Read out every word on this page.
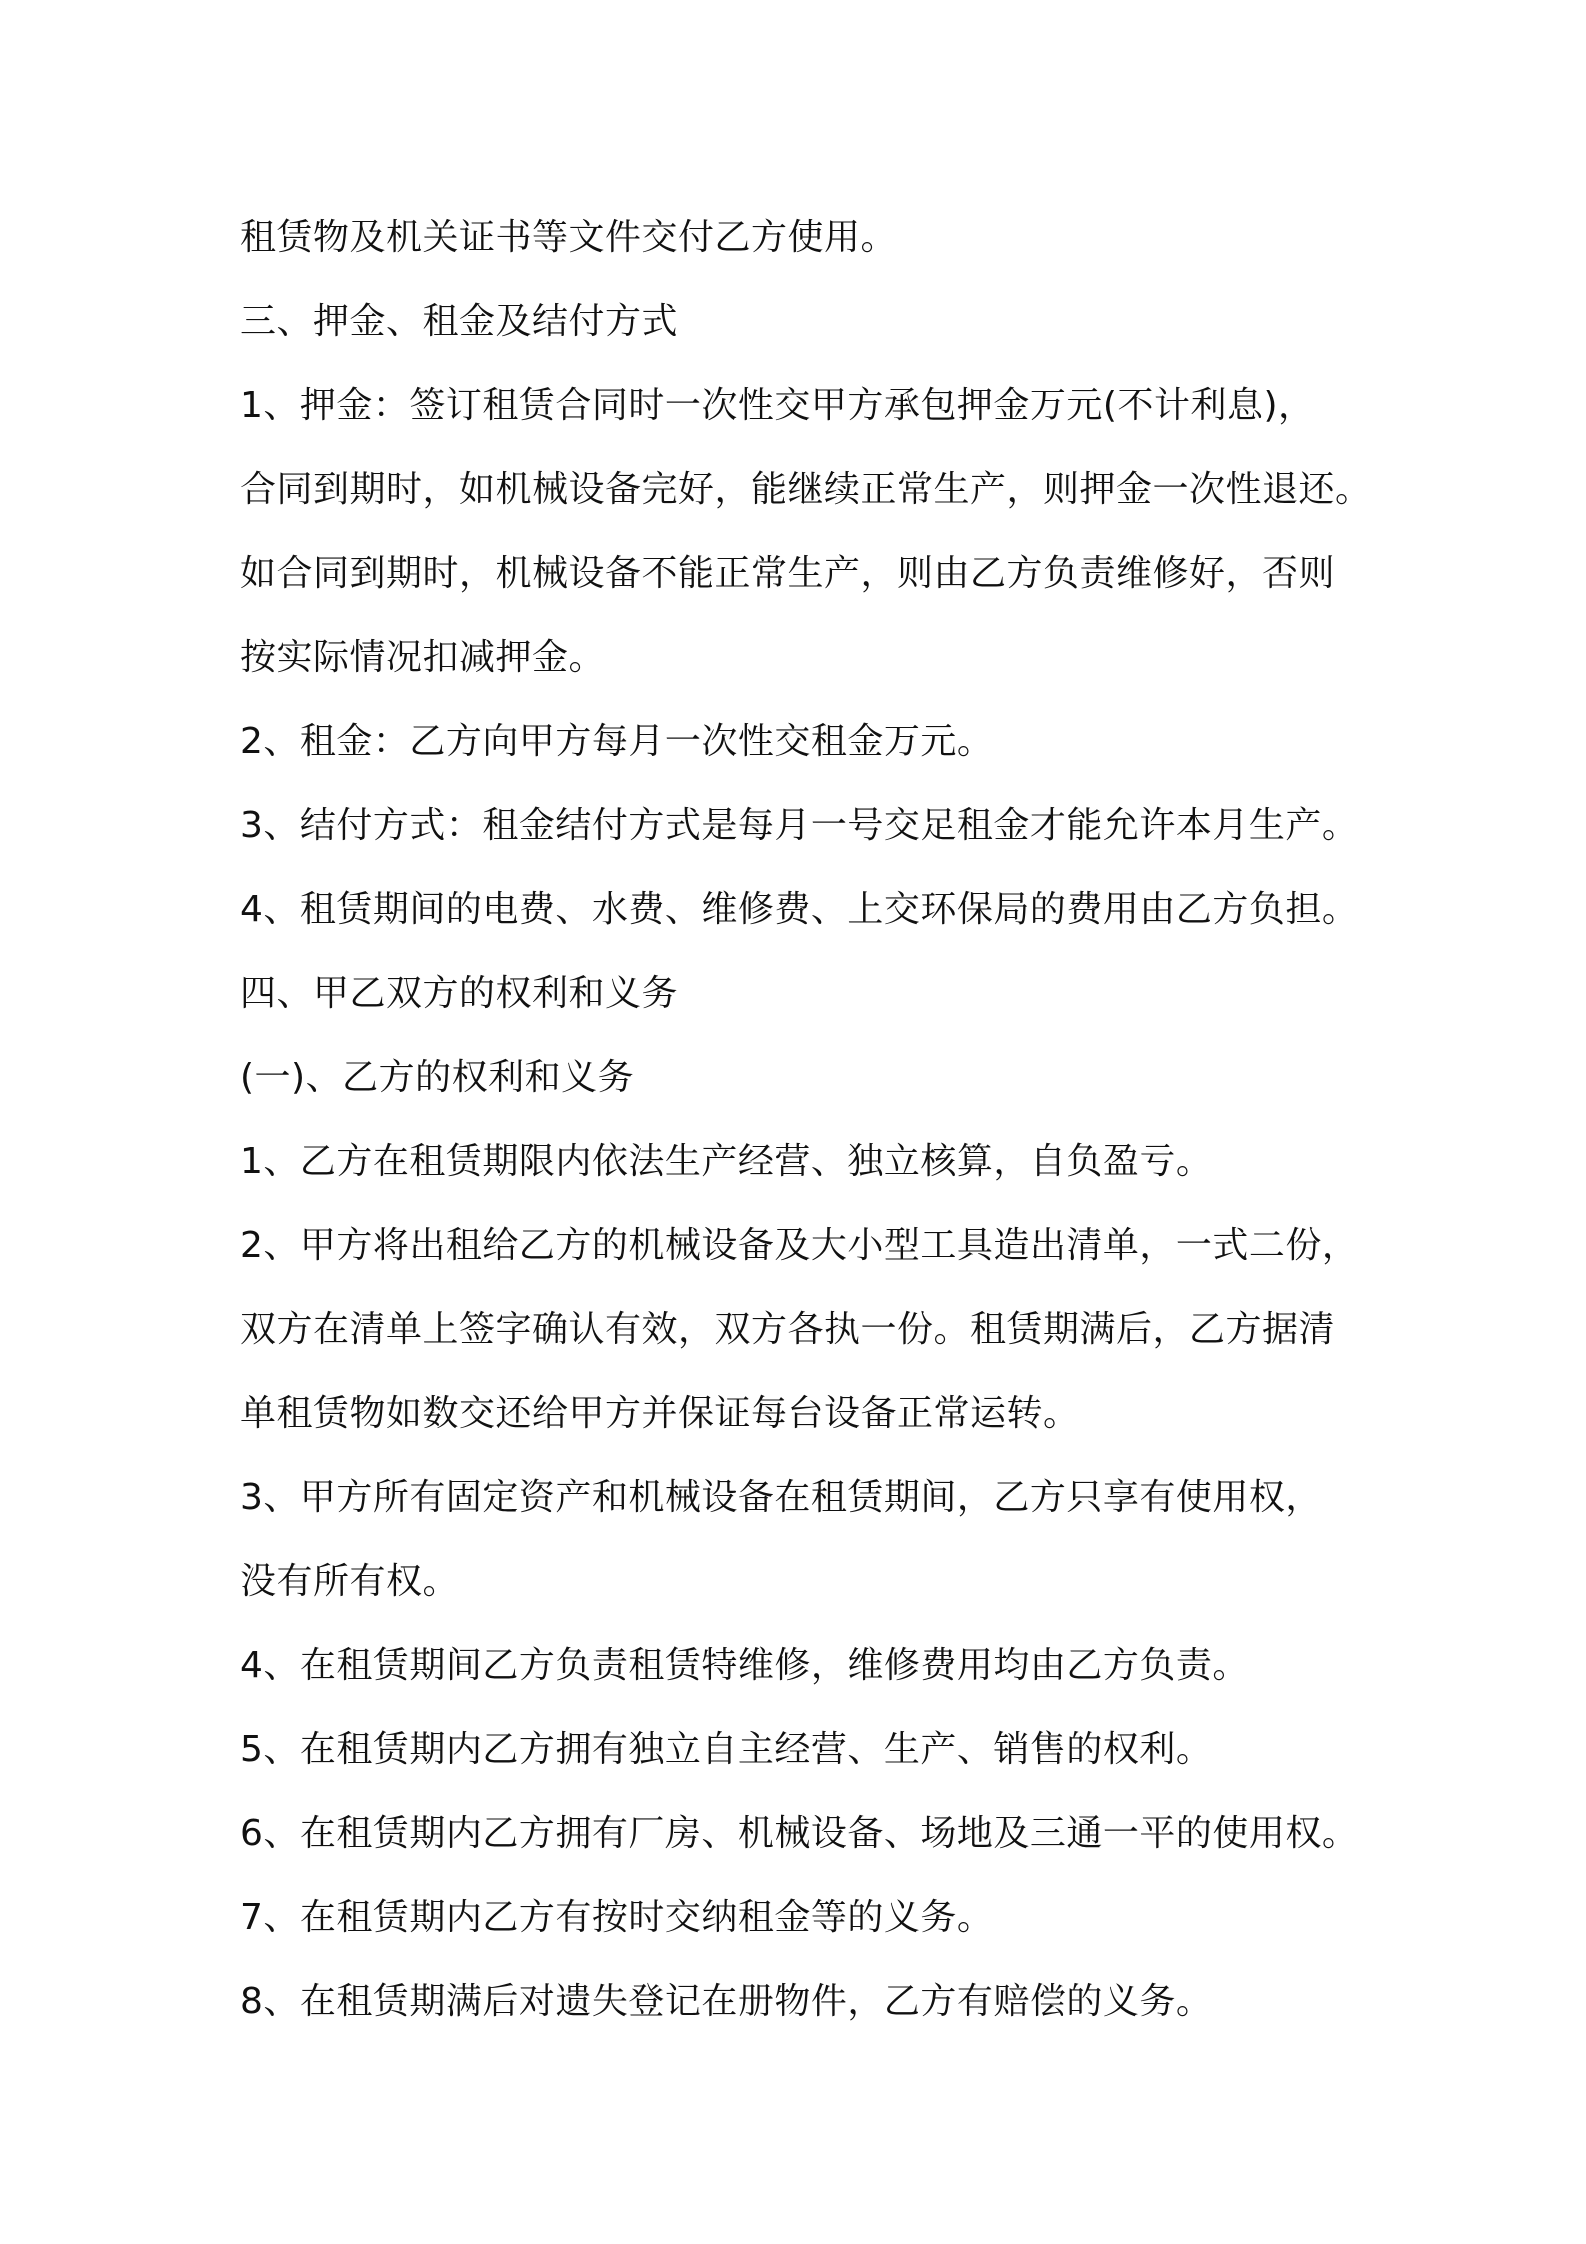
租赁物及机关证书等文件交付乙方使用。
三、押金、租金及结付方式
1、押金：签订租赁合同时一次性交甲方承包押金万元(不计利息)，
合同到期时，如机械设备完好，能继续正常生产，则押金一次性退还。
如合同到期时，机械设备不能正常生产，则由乙方负责维修好，否则
按实际情况扣减押金。
2、租金：乙方向甲方每月一次性交租金万元。
3、结付方式：租金结付方式是每月一号交足租金才能允许本月生产。
4、租赁期间的电费、水费、维修费、上交环保局的费用由乙方负担。
四、甲乙双方的权利和义务
(一)、乙方的权利和义务
1、乙方在租赁期限内依法生产经营、独立核算，自负盈亏。
2、甲方将出租给乙方的机械设备及大小型工具造出清单，一式二份，
双方在清单上签字确认有效，双方各执一份。租赁期满后，乙方据清
单租赁物如数交还给甲方并保证每台设备正常运转。
3、甲方所有固定资产和机械设备在租赁期间，乙方只享有使用权，
没有所有权。
4、在租赁期间乙方负责租赁特维修，维修费用均由乙方负责。
5、在租赁期内乙方拥有独立自主经营、生产、销售的权利。
6、在租赁期内乙方拥有厂房、机械设备、场地及三通一平的使用权。
7、在租赁期内乙方有按时交纳租金等的义务。
8、在租赁期满后对遗失登记在册物件，乙方有赔偿的义务。
